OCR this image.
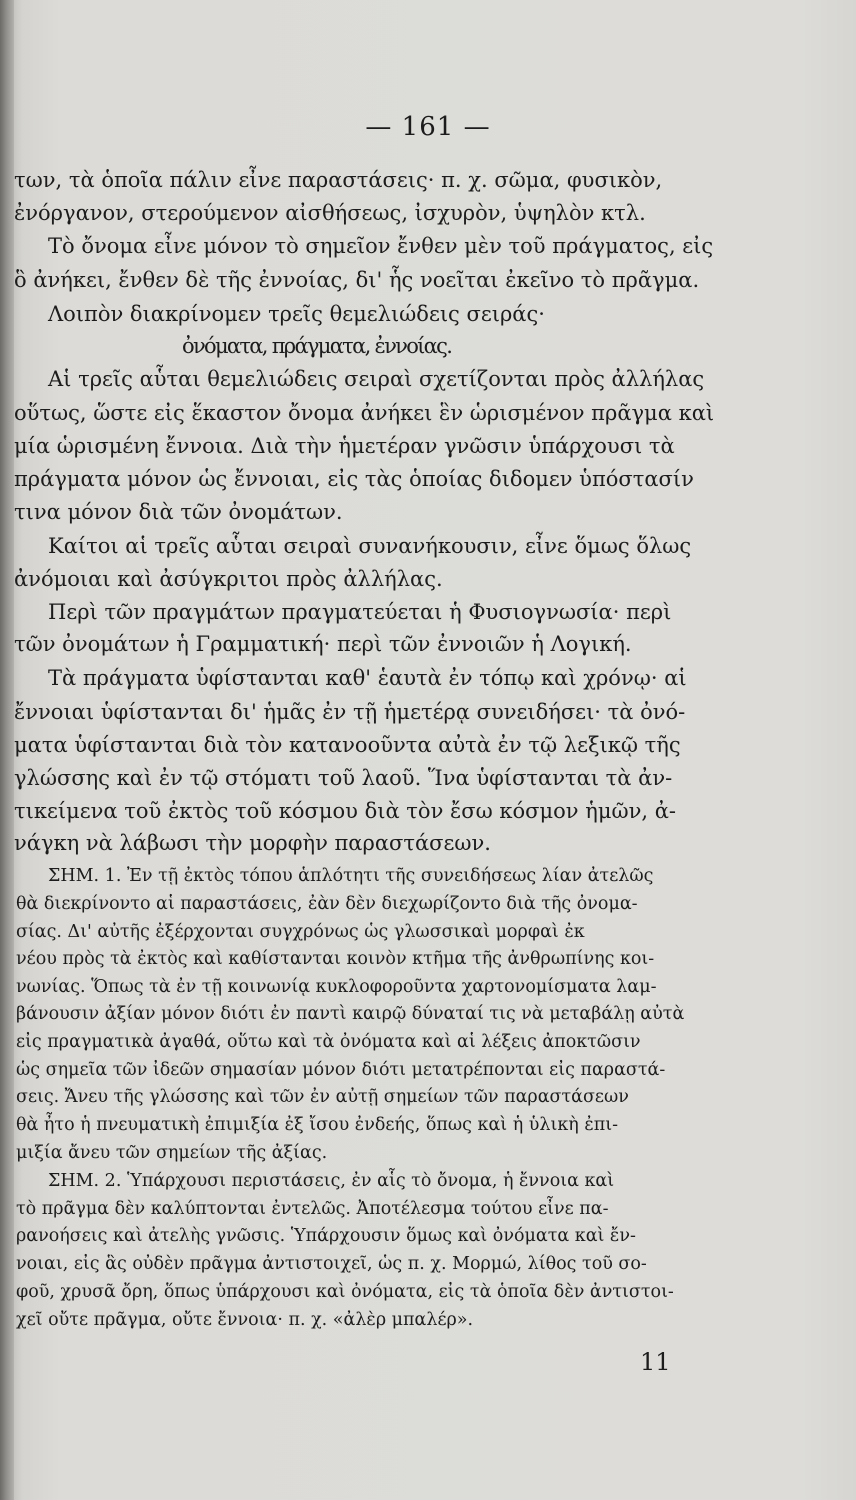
— 161 —
των, τὰ ὁποῖα πάλιν εἶνε παραστάσεις· π. χ. σῶμα, φυσικὸν,
ἐνόργανον, στερούμενον αἰσθήσεως, ἰσχυρὸν, ὑψηλὸν κτλ.
Τὸ ὄνομα εἶνε μόνον τὸ σημεῖον ἔνθεν μὲν τοῦ πράγματος, εἰς
ὃ ἀνήκει, ἔνθεν δὲ τῆς ἐννοίας, δι' ἧς νοεῖται ἐκεῖνο τὸ πρᾶγμα.
Λοιπὸν διακρίνομεν τρεῖς θεμελιώδεις σειράς·
ὀνόματα, πράγματα, ἐννοίας.
Αἱ τρεῖς αὗται θεμελιώδεις σειραὶ σχετίζονται πρὸς ἀλλήλας
οὕτως, ὥστε εἰς ἕκαστον ὄνομα ἀνήκει ἓν ὡρισμένον πρᾶγμα καὶ
μία ὡρισμένη ἔννοια. Διὰ τὴν ἡμετέραν γνῶσιν ὑπάρχουσι τὰ
πράγματα μόνον ὡς ἔννοιαι, εἰς τὰς ὁποίας διδομεν ὑπόστασίν
τινα μόνον διὰ τῶν ὀνομάτων.
Καίτοι αἱ τρεῖς αὗται σειραὶ συνανήκουσιν, εἶνε ὅμως ὅλως
ἀνόμοιαι καὶ ἀσύγκριτοι πρὸς ἀλλήλας.
Περὶ τῶν πραγμάτων πραγματεύεται ἡ Φυσιογνωσία· περὶ
τῶν ὀνομάτων ἡ Γραμματική· περὶ τῶν ἐννοιῶν ἡ Λογική.
Τὰ πράγματα ὑφίστανται καθ' ἑαυτὰ ἐν τόπῳ καὶ χρόνῳ· αἱ
ἔννοιαι ὑφίστανται δι' ἡμᾶς ἐν τῇ ἡμετέρᾳ συνειδήσει· τὰ ὀνό-
ματα ὑφίστανται διὰ τὸν κατανοοῦντα αὐτὰ ἐν τῷ λεξικῷ τῆς
γλώσσης καὶ ἐν τῷ στόματι τοῦ λαοῦ. Ἵνα ὑφίστανται τὰ ἀν-
τικείμενα τοῦ ἐκτὸς τοῦ κόσμου διὰ τὸν ἔσω κόσμον ἡμῶν, ἀ-
νάγκη νὰ λάβωσι τὴν μορφὴν παραστάσεων.
ΣΗΜ. 1. Ἐν τῇ ἐκτὸς τόπου ἁπλότητι τῆς συνειδήσεως λίαν ἀτελῶς
θὰ διεκρίνοντο αἱ παραστάσεις, ἐὰν δὲν διεχωρίζοντο διὰ τῆς ὀνομα-
σίας. Δι' αὐτῆς ἐξέρχονται συγχρόνως ὡς γλωσσικαὶ μορφαὶ ἐκ
νέου πρὸς τὰ ἐκτὸς καὶ καθίστανται κοινὸν κτῆμα τῆς ἀνθρωπίνης κοι-
νωνίας. Ὅπως τὰ ἐν τῇ κοινωνίᾳ κυκλοφοροῦντα χαρτονομίσματα λαμ-
βάνουσιν ἀξίαν μόνον διότι ἐν παντὶ καιρῷ δύναταί τις νὰ μεταβάλῃ αὐτὰ
εἰς πραγματικὰ ἀγαθά, οὕτω καὶ τὰ ὀνόματα καὶ αἱ λέξεις ἀποκτῶσιν
ὡς σημεῖα τῶν ἰδεῶν σημασίαν μόνον διότι μετατρέπονται εἰς παραστά-
σεις. Ἄνευ τῆς γλώσσης καὶ τῶν ἐν αὐτῇ σημείων τῶν παραστάσεων
θὰ ἦτο ἡ πνευματικὴ ἐπιμιξία ἐξ ἴσου ἐνδεής, ὅπως καὶ ἡ ὑλικὴ ἐπι-
μιξία ἄνευ τῶν σημείων τῆς ἀξίας.
ΣΗΜ. 2. Ὑπάρχουσι περιστάσεις, ἐν αἷς τὸ ὄνομα, ἡ ἔννοια καὶ
τὸ πρᾶγμα δὲν καλύπτονται ἐντελῶς. Ἀποτέλεσμα τούτου εἶνε πα-
ρανοήσεις καὶ ἀτελὴς γνῶσις. Ὑπάρχουσιν ὅμως καὶ ὀνόματα καὶ ἔν-
νοιαι, εἰς ἃς οὐδὲν πρᾶγμα ἀντιστοιχεῖ, ὡς π. χ. Μορμώ, λίθος τοῦ σο-
φοῦ, χρυσᾶ ὄρη, ὅπως ὑπάρχουσι καὶ ὀνόματα, εἰς τὰ ὁποῖα δὲν ἀντιστοι-
χεῖ οὔτε πρᾶγμα, οὔτε ἔννοια· π. χ. «ἀλὲρ μπαλέρ».
11
